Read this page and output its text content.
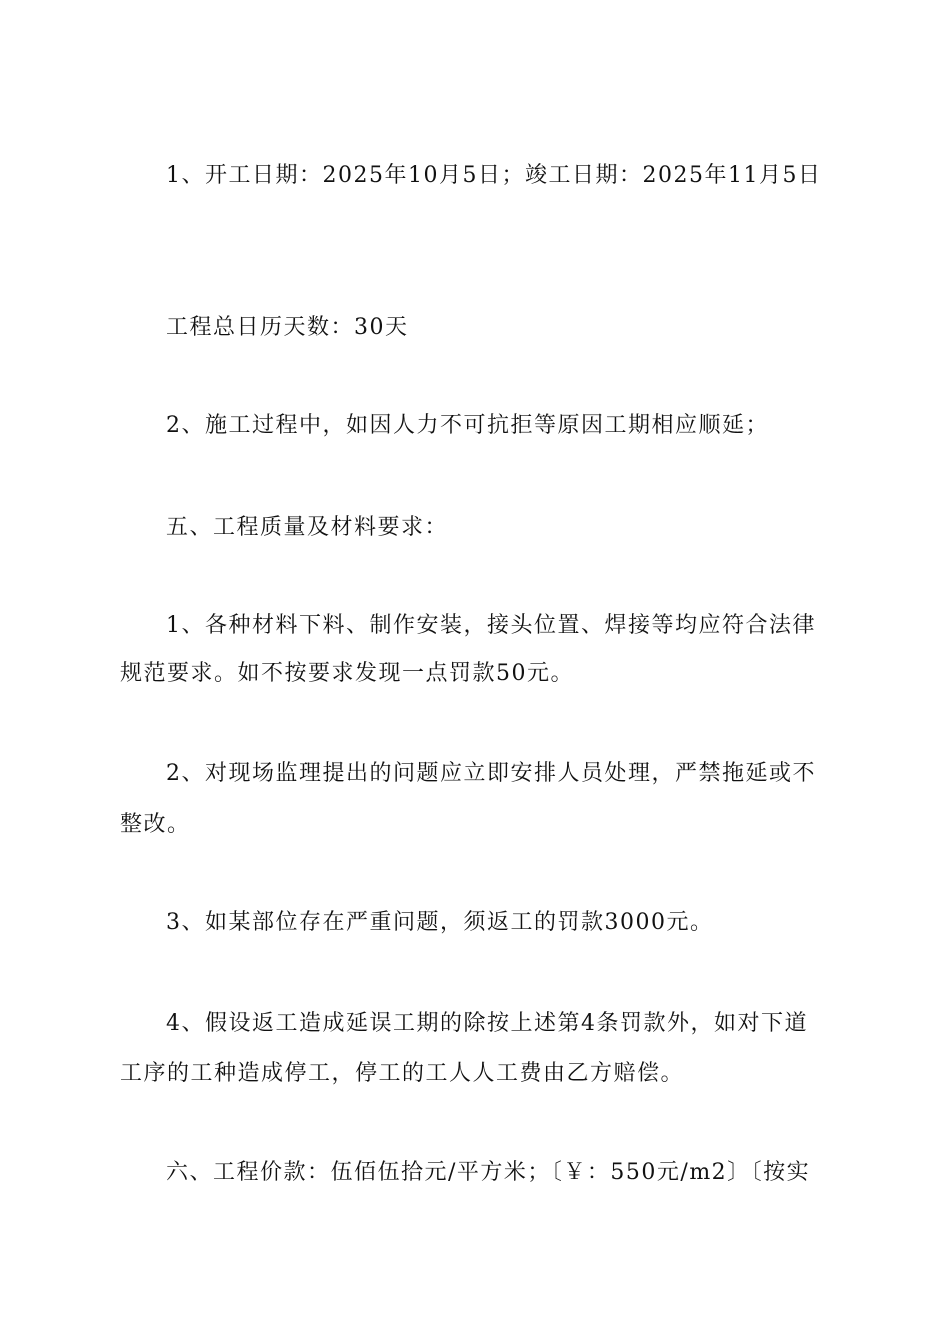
1、开工日期：2025年10月5日；竣工日期：2025年11月5日
工程总日历天数：30天
2、施工过程中，如因人力不可抗拒等原因工期相应顺延；
五、工程质量及材料要求：
1、各种材料下料、制作安装，接头位置、焊接等均应符合法律
规范要求。如不按要求发现一点罚款50元。
2、对现场监理提出的问题应立即安排人员处理，严禁拖延或不
整改。
3、如某部位存在严重问题，须返工的罚款3000元。
4、假设返工造成延误工期的除按上述第4条罚款外，如对下道
工序的工种造成停工，停工的工人人工费由乙方赔偿。
六、工程价款：伍佰伍拾元/平方米；〔￥：550元/m2〕〔按实
